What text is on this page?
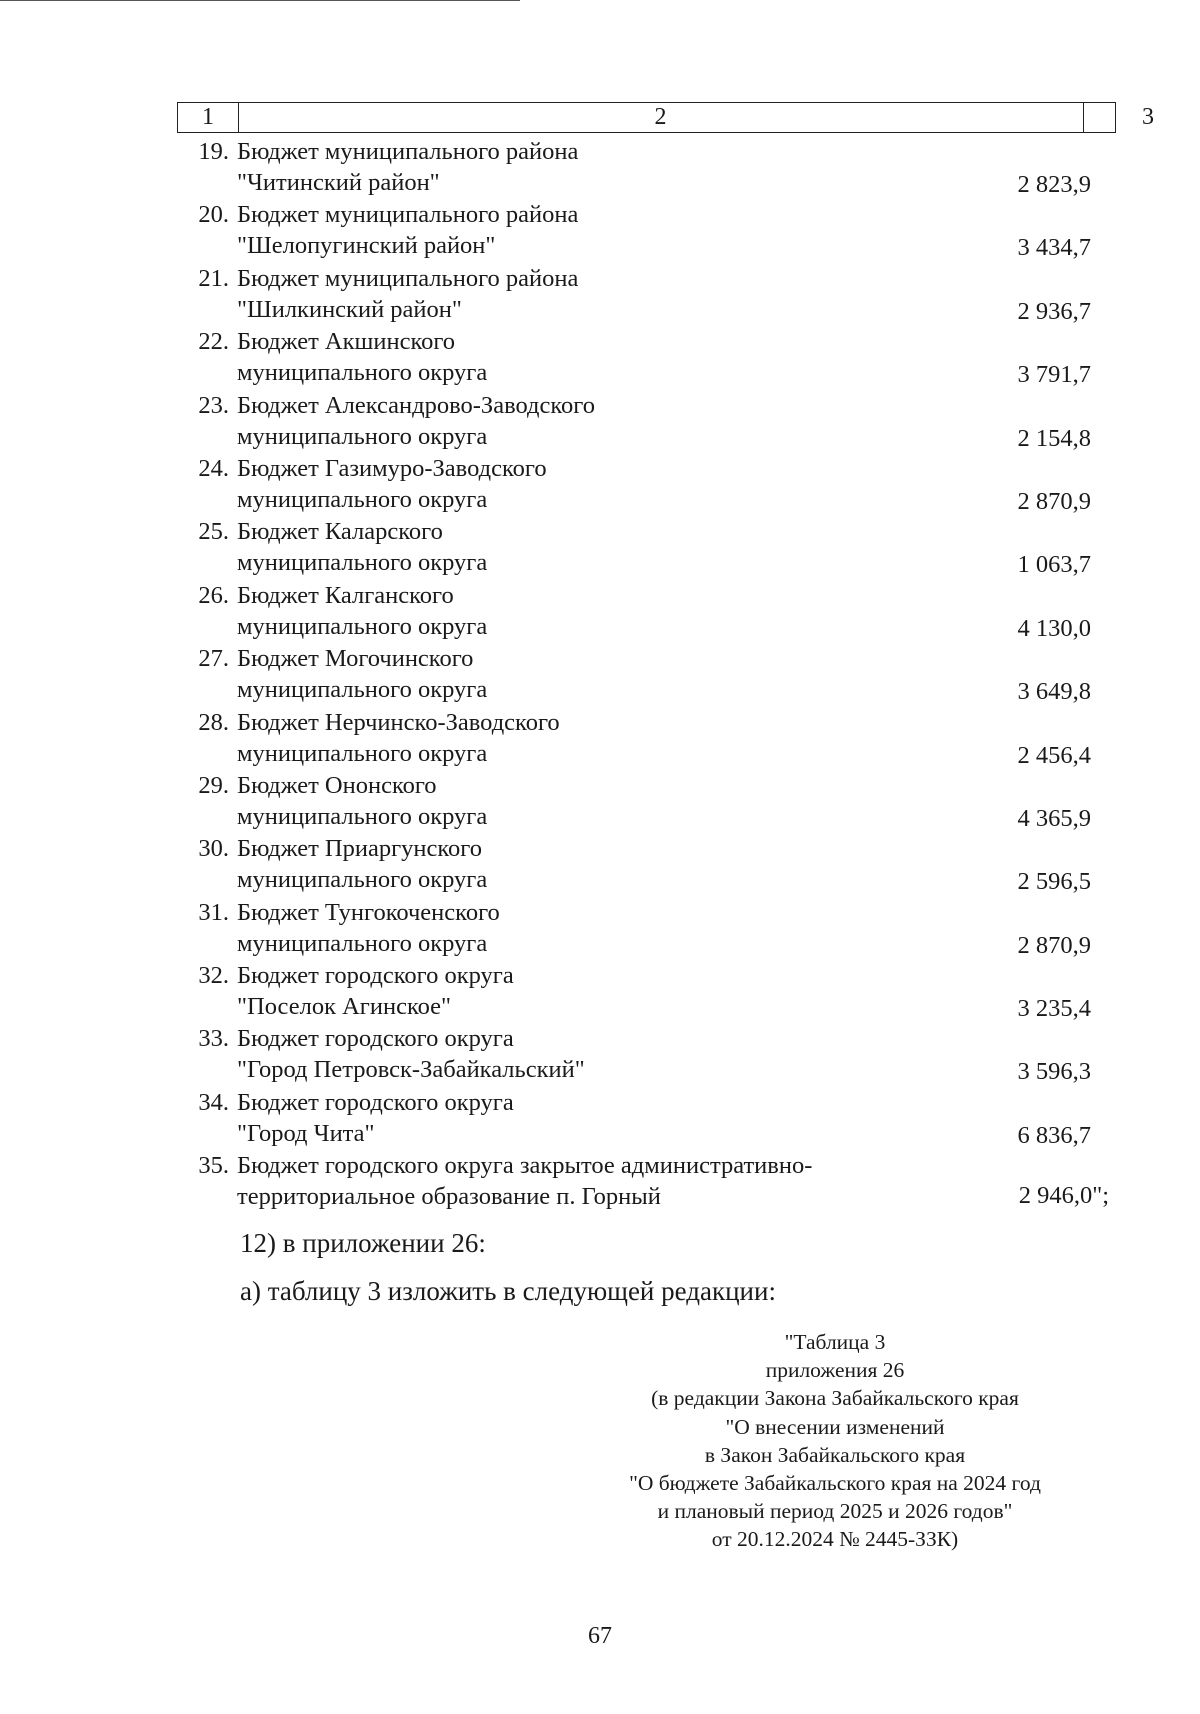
1	2	3
19. Бюджет муниципального района
"Читинский район"	2 823,9
20. Бюджет муниципального района
"Шелопугинский район"	3 434,7
21. Бюджет муниципального района
"Шилкинский район"	2 936,7
22. Бюджет Акшинского
муниципального округа	3 791,7
23. Бюджет Александрово-Заводского
муниципального округа	2 154,8
24. Бюджет Газимуро-Заводского
муниципального округа	2 870,9
25. Бюджет Каларского
муниципального округа	1 063,7
26. Бюджет Калганского
муниципального округа	4 130,0
27. Бюджет Могочинского
муниципального округа	3 649,8
28. Бюджет Нерчинско-Заводского
муниципального округа	2 456,4
29. Бюджет Ононского
муниципального округа	4 365,9
30. Бюджет Приаргунского
муниципального округа	2 596,5
31. Бюджет Тунгокоченского
муниципального округа	2 870,9
32. Бюджет городского округа
"Поселок Агинское"	3 235,4
33. Бюджет городского округа
"Город Петровск-Забайкальский"	3 596,3
34. Бюджет городского округа
"Город Чита"	6 836,7
35. Бюджет городского округа закрытое административно-
территориальное образование п. Горный	2 946,0";
12) в приложении 26:
а) таблицу 3 изложить в следующей редакции:
"Таблица 3
приложения 26
(в редакции Закона Забайкальского края
"О внесении изменений
в Закон Забайкальского края
"О бюджете Забайкальского края на 2024 год
и плановый период 2025 и 2026 годов"
от 20.12.2024 № 2445-ЗЗК)
67
